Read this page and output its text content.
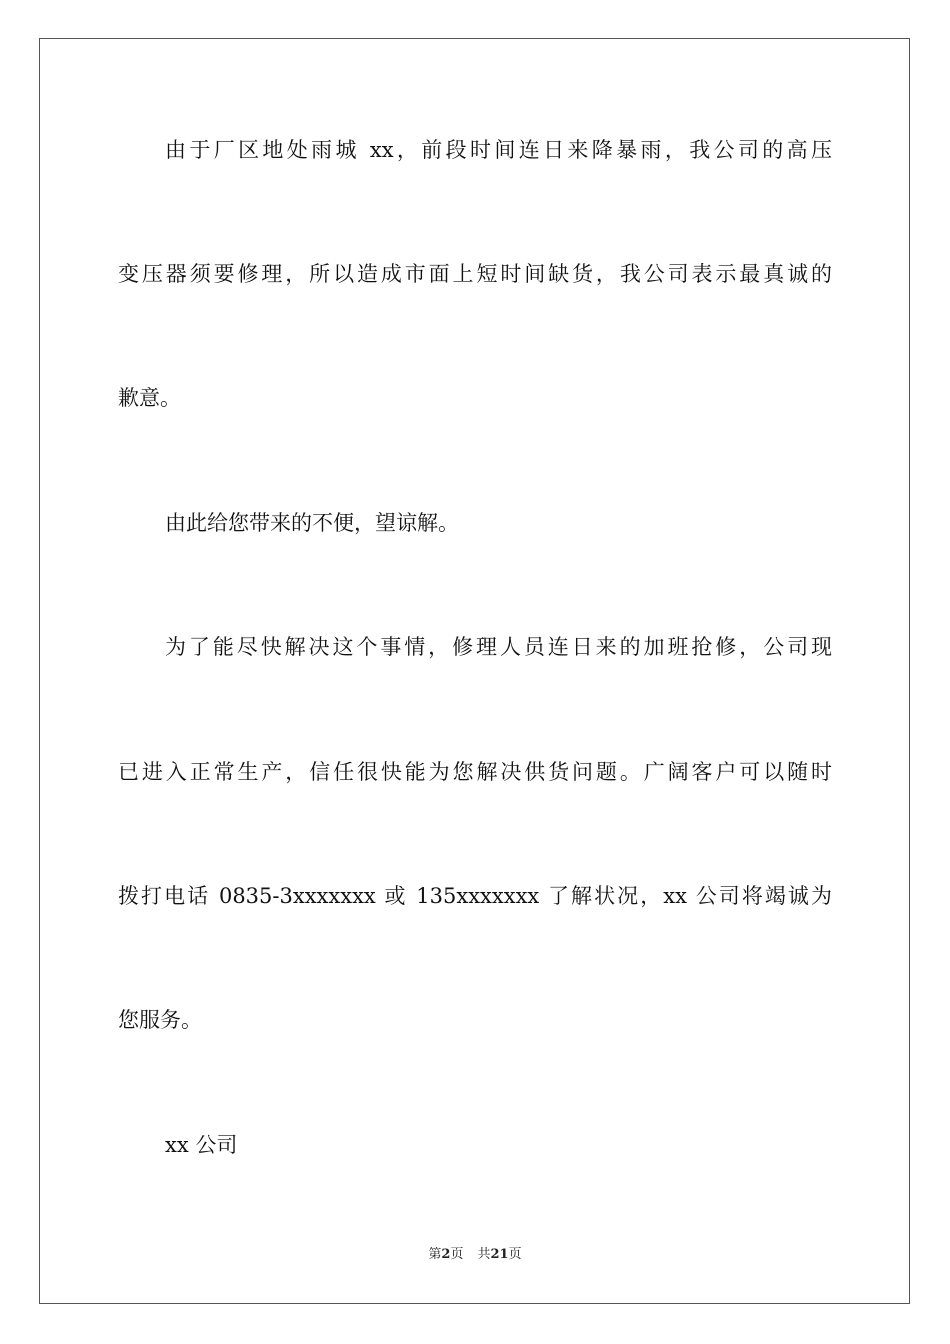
由于厂区地处雨城 xx，前段时间连日来降暴雨，我公司的高压
变压器须要修理，所以造成市面上短时间缺货，我公司表示最真诚的
歉意。
由此给您带来的不便，望谅解。
为了能尽快解决这个事情，修理人员连日来的加班抢修，公司现
已进入正常生产，信任很快能为您解决供货问题。广阔客户可以随时
拨打电话 0835-3xxxxxxx 或 135xxxxxxx 了解状况，xx 公司将竭诚为
您服务。
xx 公司
第2页 共21页
